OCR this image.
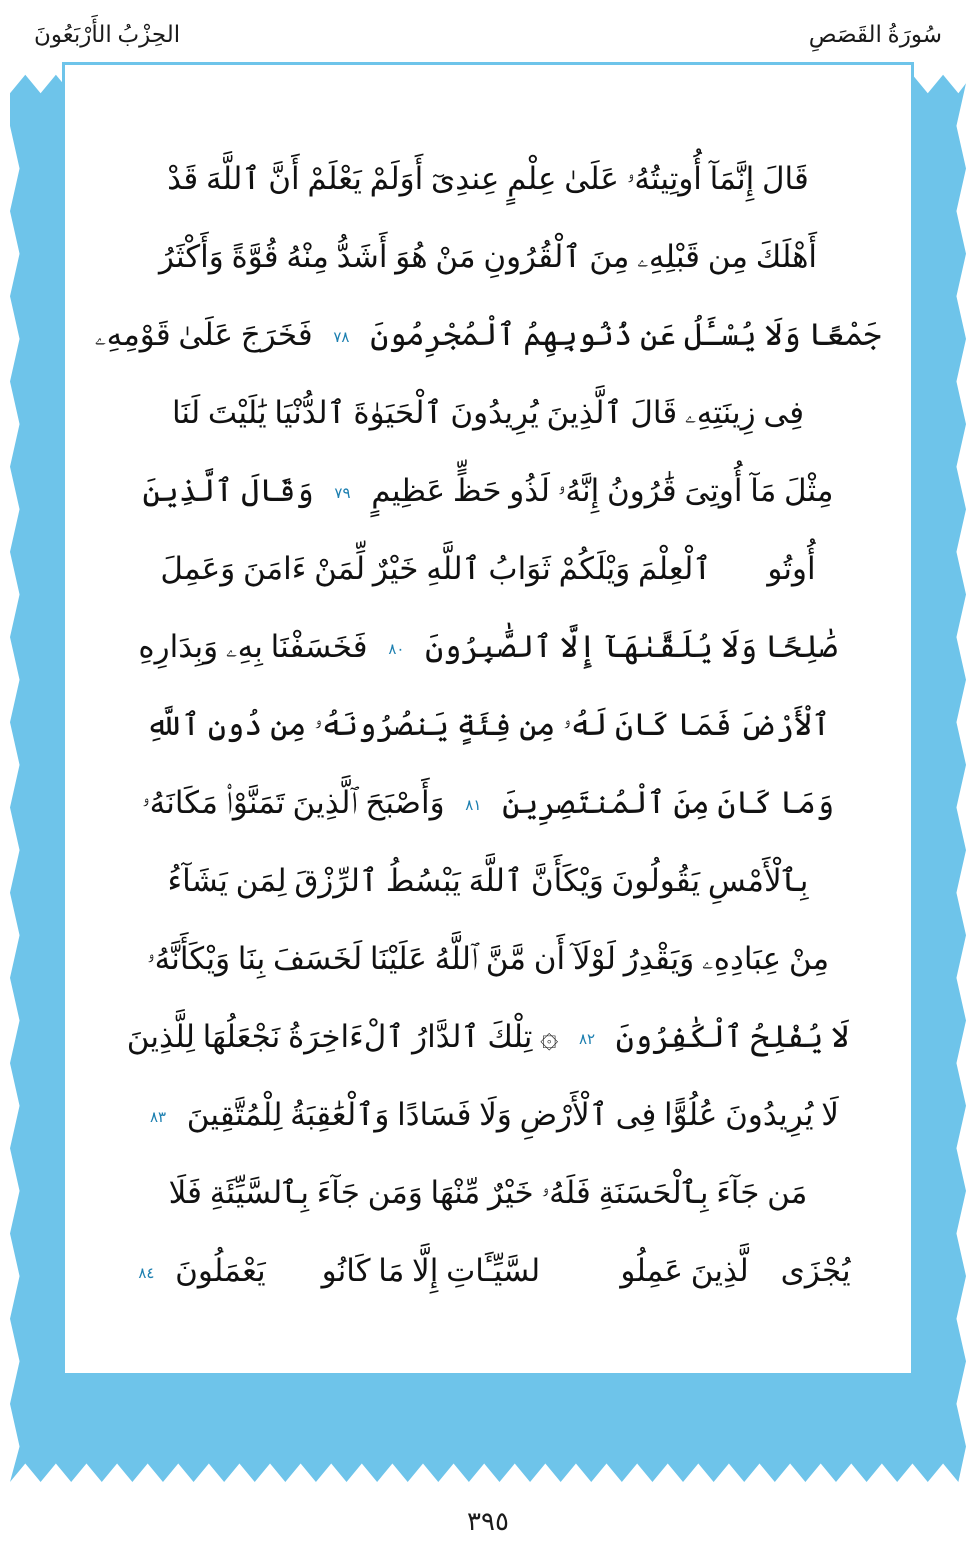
سُورَةُ القَصَصِ
الحِزْبُ الأَرْبَعُونَ
قَالَ إِنَّمَآ أُوتِيتُهُۥ عَلَىٰ عِلْمٍ عِندِىٓ أَوَلَمْ يَعْلَمْ أَنَّ ٱللَّهَ قَدْ
أَهْلَكَ مِن قَبْلِهِۦ مِنَ ٱلْقُرُونِ مَنْ هُوَ أَشَدُّ مِنْهُ قُوَّةً وَأَكْثَرُ
جَمْعًا وَلَا يُسْـَٔلُ عَن ذُنُوبِهِمُ ٱلْمُجْرِمُونَ ٧٨ فَخَرَجَ عَلَىٰ قَوْمِهِۦ
فِى زِينَتِهِۦ قَالَ ٱلَّذِينَ يُرِيدُونَ ٱلْحَيَوٰةَ ٱلدُّنْيَا يَٰلَيْتَ لَنَا
مِثْلَ مَآ أُوتِىَ قَٰرُونُ إِنَّهُۥ لَذُو حَظٍّ عَظِيمٍ ٧٩ وَقَالَ ٱلَّذِينَ
أُوتُوا۟ ٱلْعِلْمَ وَيْلَكُمْ ثَوَابُ ٱللَّهِ خَيْرٌ لِّمَنْ ءَامَنَ وَعَمِلَ
صَٰلِحًا وَلَا يُلَقَّىٰهَآ إِلَّا ٱلصَّٰبِرُونَ ٨٠ فَخَسَفْنَا بِهِۦ وَبِدَارِهِ
ٱلْأَرْضَ فَمَا كَانَ لَهُۥ مِن فِئَةٍ يَنصُرُونَهُۥ مِن دُونِ ٱللَّهِ
وَمَا كَانَ مِنَ ٱلْمُنتَصِرِينَ ٨١ وَأَصْبَحَ ٱلَّذِينَ تَمَنَّوْا۟ مَكَانَهُۥ
بِٱلْأَمْسِ يَقُولُونَ وَيْكَأَنَّ ٱللَّهَ يَبْسُطُ ٱلرِّزْقَ لِمَن يَشَآءُ
مِنْ عِبَادِهِۦ وَيَقْدِرُ لَوْلَآ أَن مَّنَّ ٱللَّهُ عَلَيْنَا لَخَسَفَ بِنَا وَيْكَأَنَّهُۥ
لَا يُفْلِحُ ٱلْكَٰفِرُونَ ٨٢ ۞ تِلْكَ ٱلدَّارُ ٱلْءَاخِرَةُ نَجْعَلُهَا لِلَّذِينَ
لَا يُرِيدُونَ عُلُوًّا فِى ٱلْأَرْضِ وَلَا فَسَادًا وَٱلْعَٰقِبَةُ لِلْمُتَّقِينَ ٨٣
مَن جَآءَ بِٱلْحَسَنَةِ فَلَهُۥ خَيْرٌ مِّنْهَا وَمَن جَآءَ بِٱلسَّيِّئَةِ فَلَا
يُجْزَى ٱلَّذِينَ عَمِلُوا۟ ٱلسَّيِّـَٔاتِ إِلَّا مَا كَانُوا۟ يَعْمَلُونَ ٨٤
٣٩٥
